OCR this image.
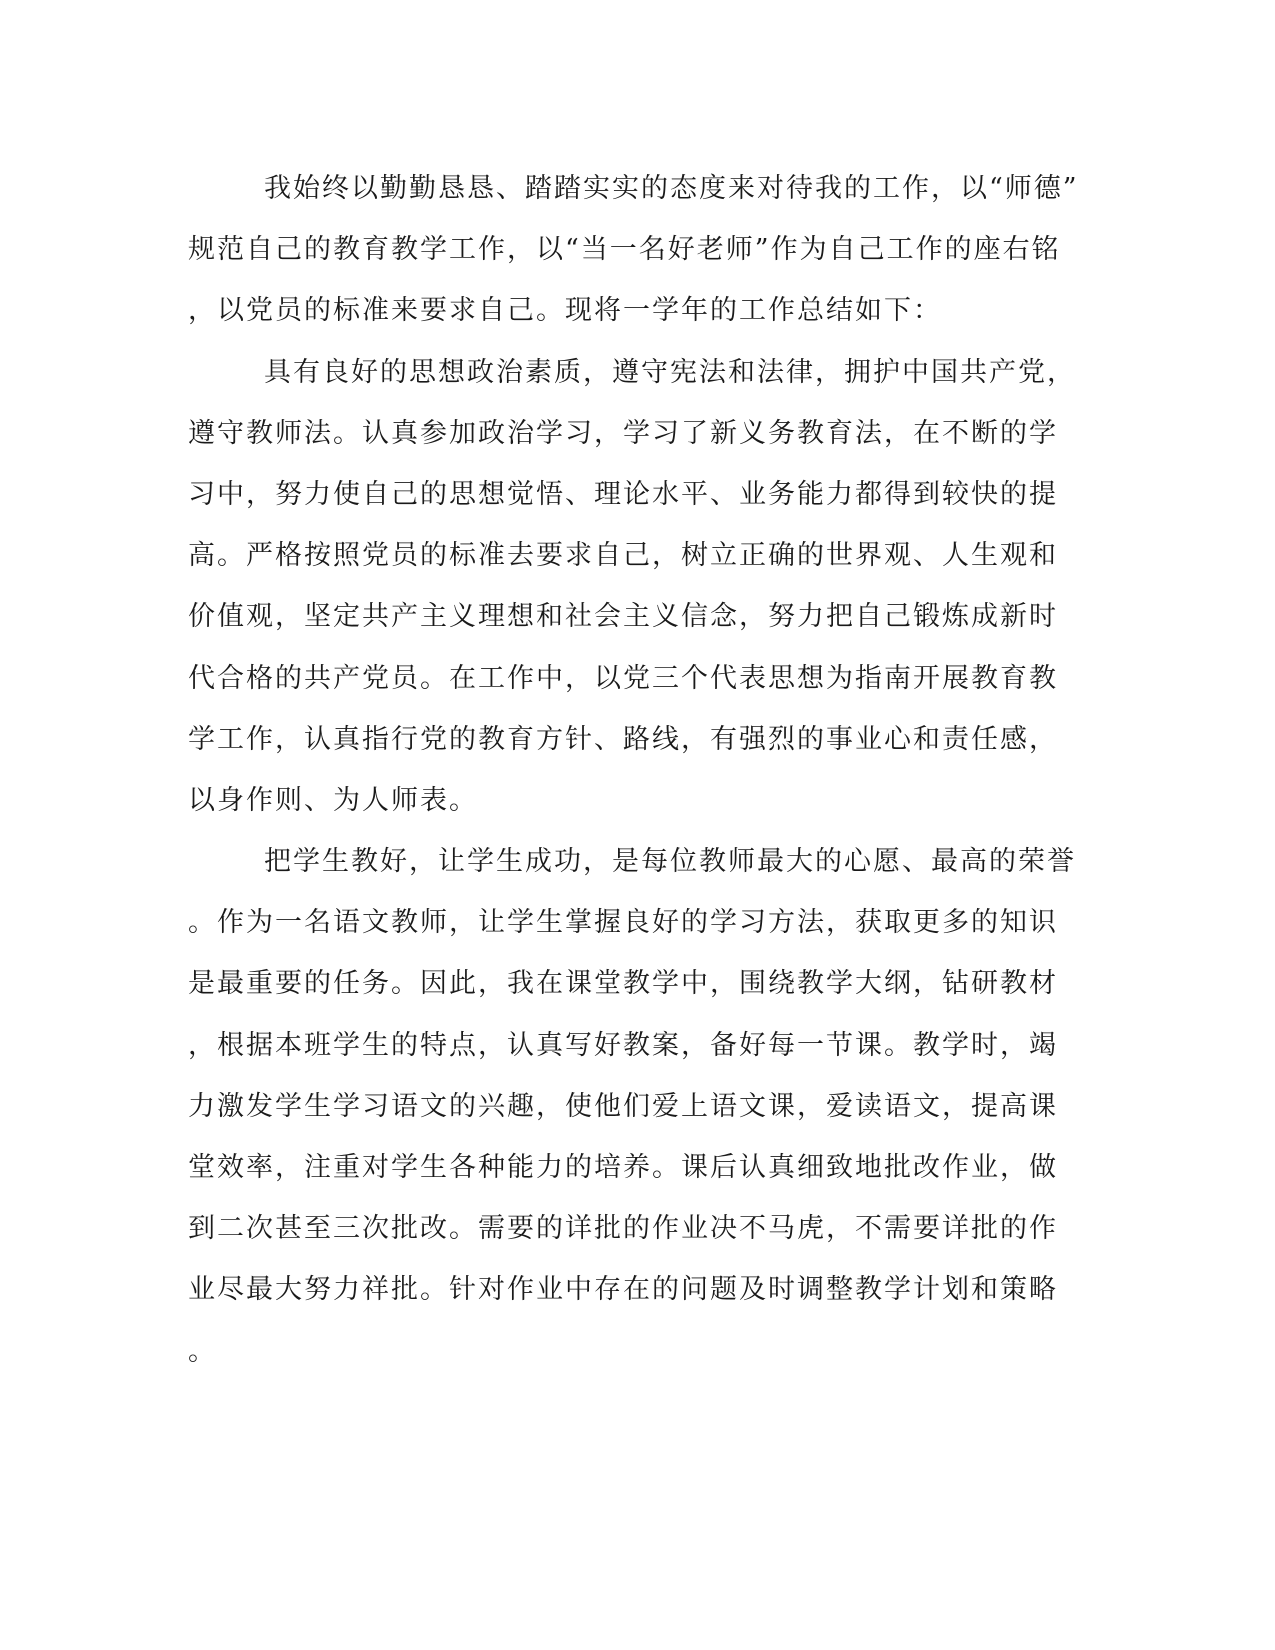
我始终以勤勤恳恳、踏踏实实的态度来对待我的工作，以“师德”
规范自己的教育教学工作，以“当一名好老师”作为自己工作的座右铭
，以党员的标准来要求自己。现将一学年的工作总结如下：
具有良好的思想政治素质，遵守宪法和法律，拥护中国共产党，
遵守教师法。认真参加政治学习，学习了新义务教育法，在不断的学
习中，努力使自己的思想觉悟、理论水平、业务能力都得到较快的提
高。严格按照党员的标准去要求自己，树立正确的世界观、人生观和
价值观，坚定共产主义理想和社会主义信念，努力把自己锻炼成新时
代合格的共产党员。在工作中，以党三个代表思想为指南开展教育教
学工作，认真指行党的教育方针、路线，有强烈的事业心和责任感，
以身作则、为人师表。
把学生教好，让学生成功，是每位教师最大的心愿、最高的荣誉
。作为一名语文教师，让学生掌握良好的学习方法，获取更多的知识
是最重要的任务。因此，我在课堂教学中，围绕教学大纲，钻研教材
，根据本班学生的特点，认真写好教案，备好每一节课。教学时，竭
力激发学生学习语文的兴趣，使他们爱上语文课，爱读语文，提高课
堂效率，注重对学生各种能力的培养。课后认真细致地批改作业，做
到二次甚至三次批改。需要的详批的作业决不马虎，不需要详批的作
业尽最大努力祥批。针对作业中存在的问题及时调整教学计划和策略
。
